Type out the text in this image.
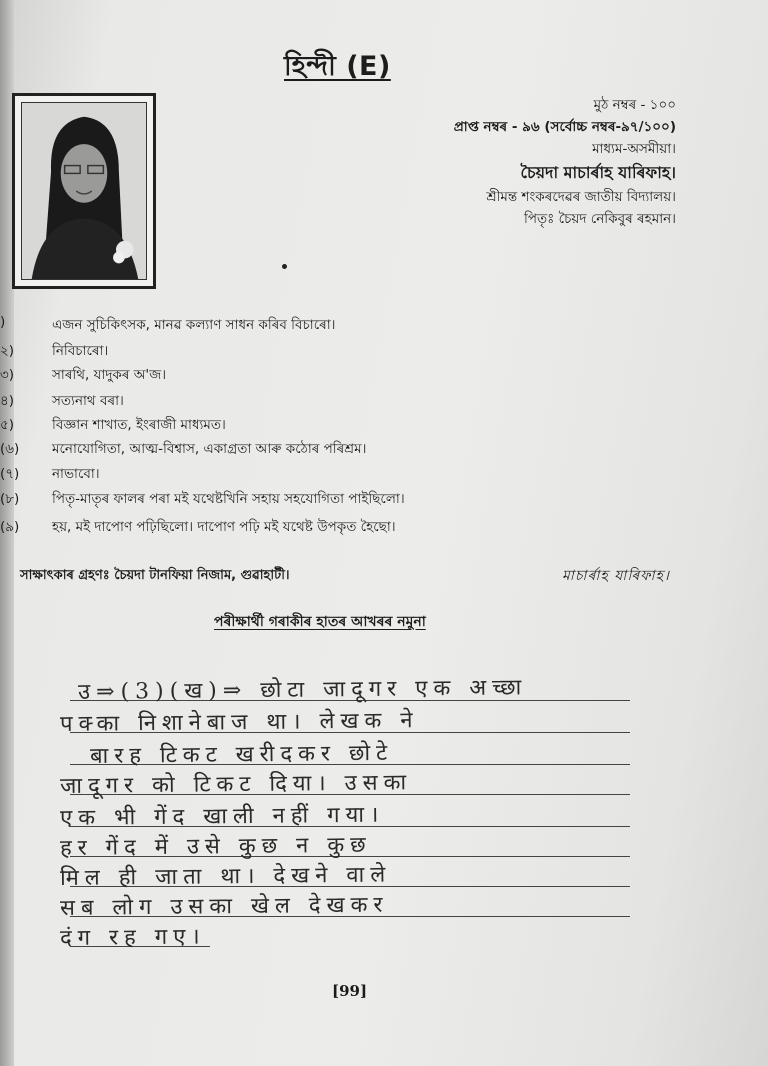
হিন্দী (E)
মুঠ নম্বৰ - ১০০
প্ৰাপ্ত নম্বৰ - ৯৬ (সৰ্বোচ্চ নম্বৰ-৯৭/১০০)
মাধ্যম-অসমীয়া।
চৈয়দা মাচাৰ্ৰাহ যাৰিফাহ।
শ্ৰীমন্ত শংকৰদেৱৰ জাতীয় বিদ্যালয়।
পিতৃঃ চৈয়দ নেকিবুৰ ৰহমান।
)	এজন সুচিকিৎসক, মানৱ কল্যাণ সাধন কৰিব বিচাৰো।
২)	নিবিচাৰো।
৩)	সাৰথি, যাদুকৰ অ'জ।
৪)	সত্যনাথ বৰা।
৫)	বিজ্ঞান শাখাত, ইংৰাজী মাধ্যমত।
(৬)	মনোযোগিতা, আত্ম-বিশ্বাস, একাগ্ৰতা আৰু কঠোৰ পৰিশ্ৰম।
(৭)	নাভাবো।
(৮)	পিতৃ-মাতৃৰ ফালৰ পৰা মই যথেষ্টখিনি সহায় সহযোগিতা পাইছিলো।
(৯)	হয়, মই দাপোণ পঢ়িছিলো। দাপোণ পঢ়ি মই যথেষ্ট উপকৃত হৈছো।
সাক্ষাৎকাৰ গ্ৰহণঃ চৈয়দা টানফিয়া নিজাম, গুৱাহাটী।	মাচাৰ্ৰাহ যাৰিফাহ।
পৰীক্ষাৰ্থী গৰাকীৰ হাতৰ আখৰৰ নমুনা
उ⇒(3)(ख)⇒ छोटा जादूगर एक अच्छा
पक्का निशानेबाज था। लेखक ने
बारह टिकट खरीदकर छोटे
जादूगर को टिकट दिया। उसका
एक भी गेंद खाली नहीं गया।
हर गेंद में उसे कुछ न कुछ
मिल ही जाता था। देखने वाले
सब लोग उसका खेल देखकर
दंग रह गए।
[99]
